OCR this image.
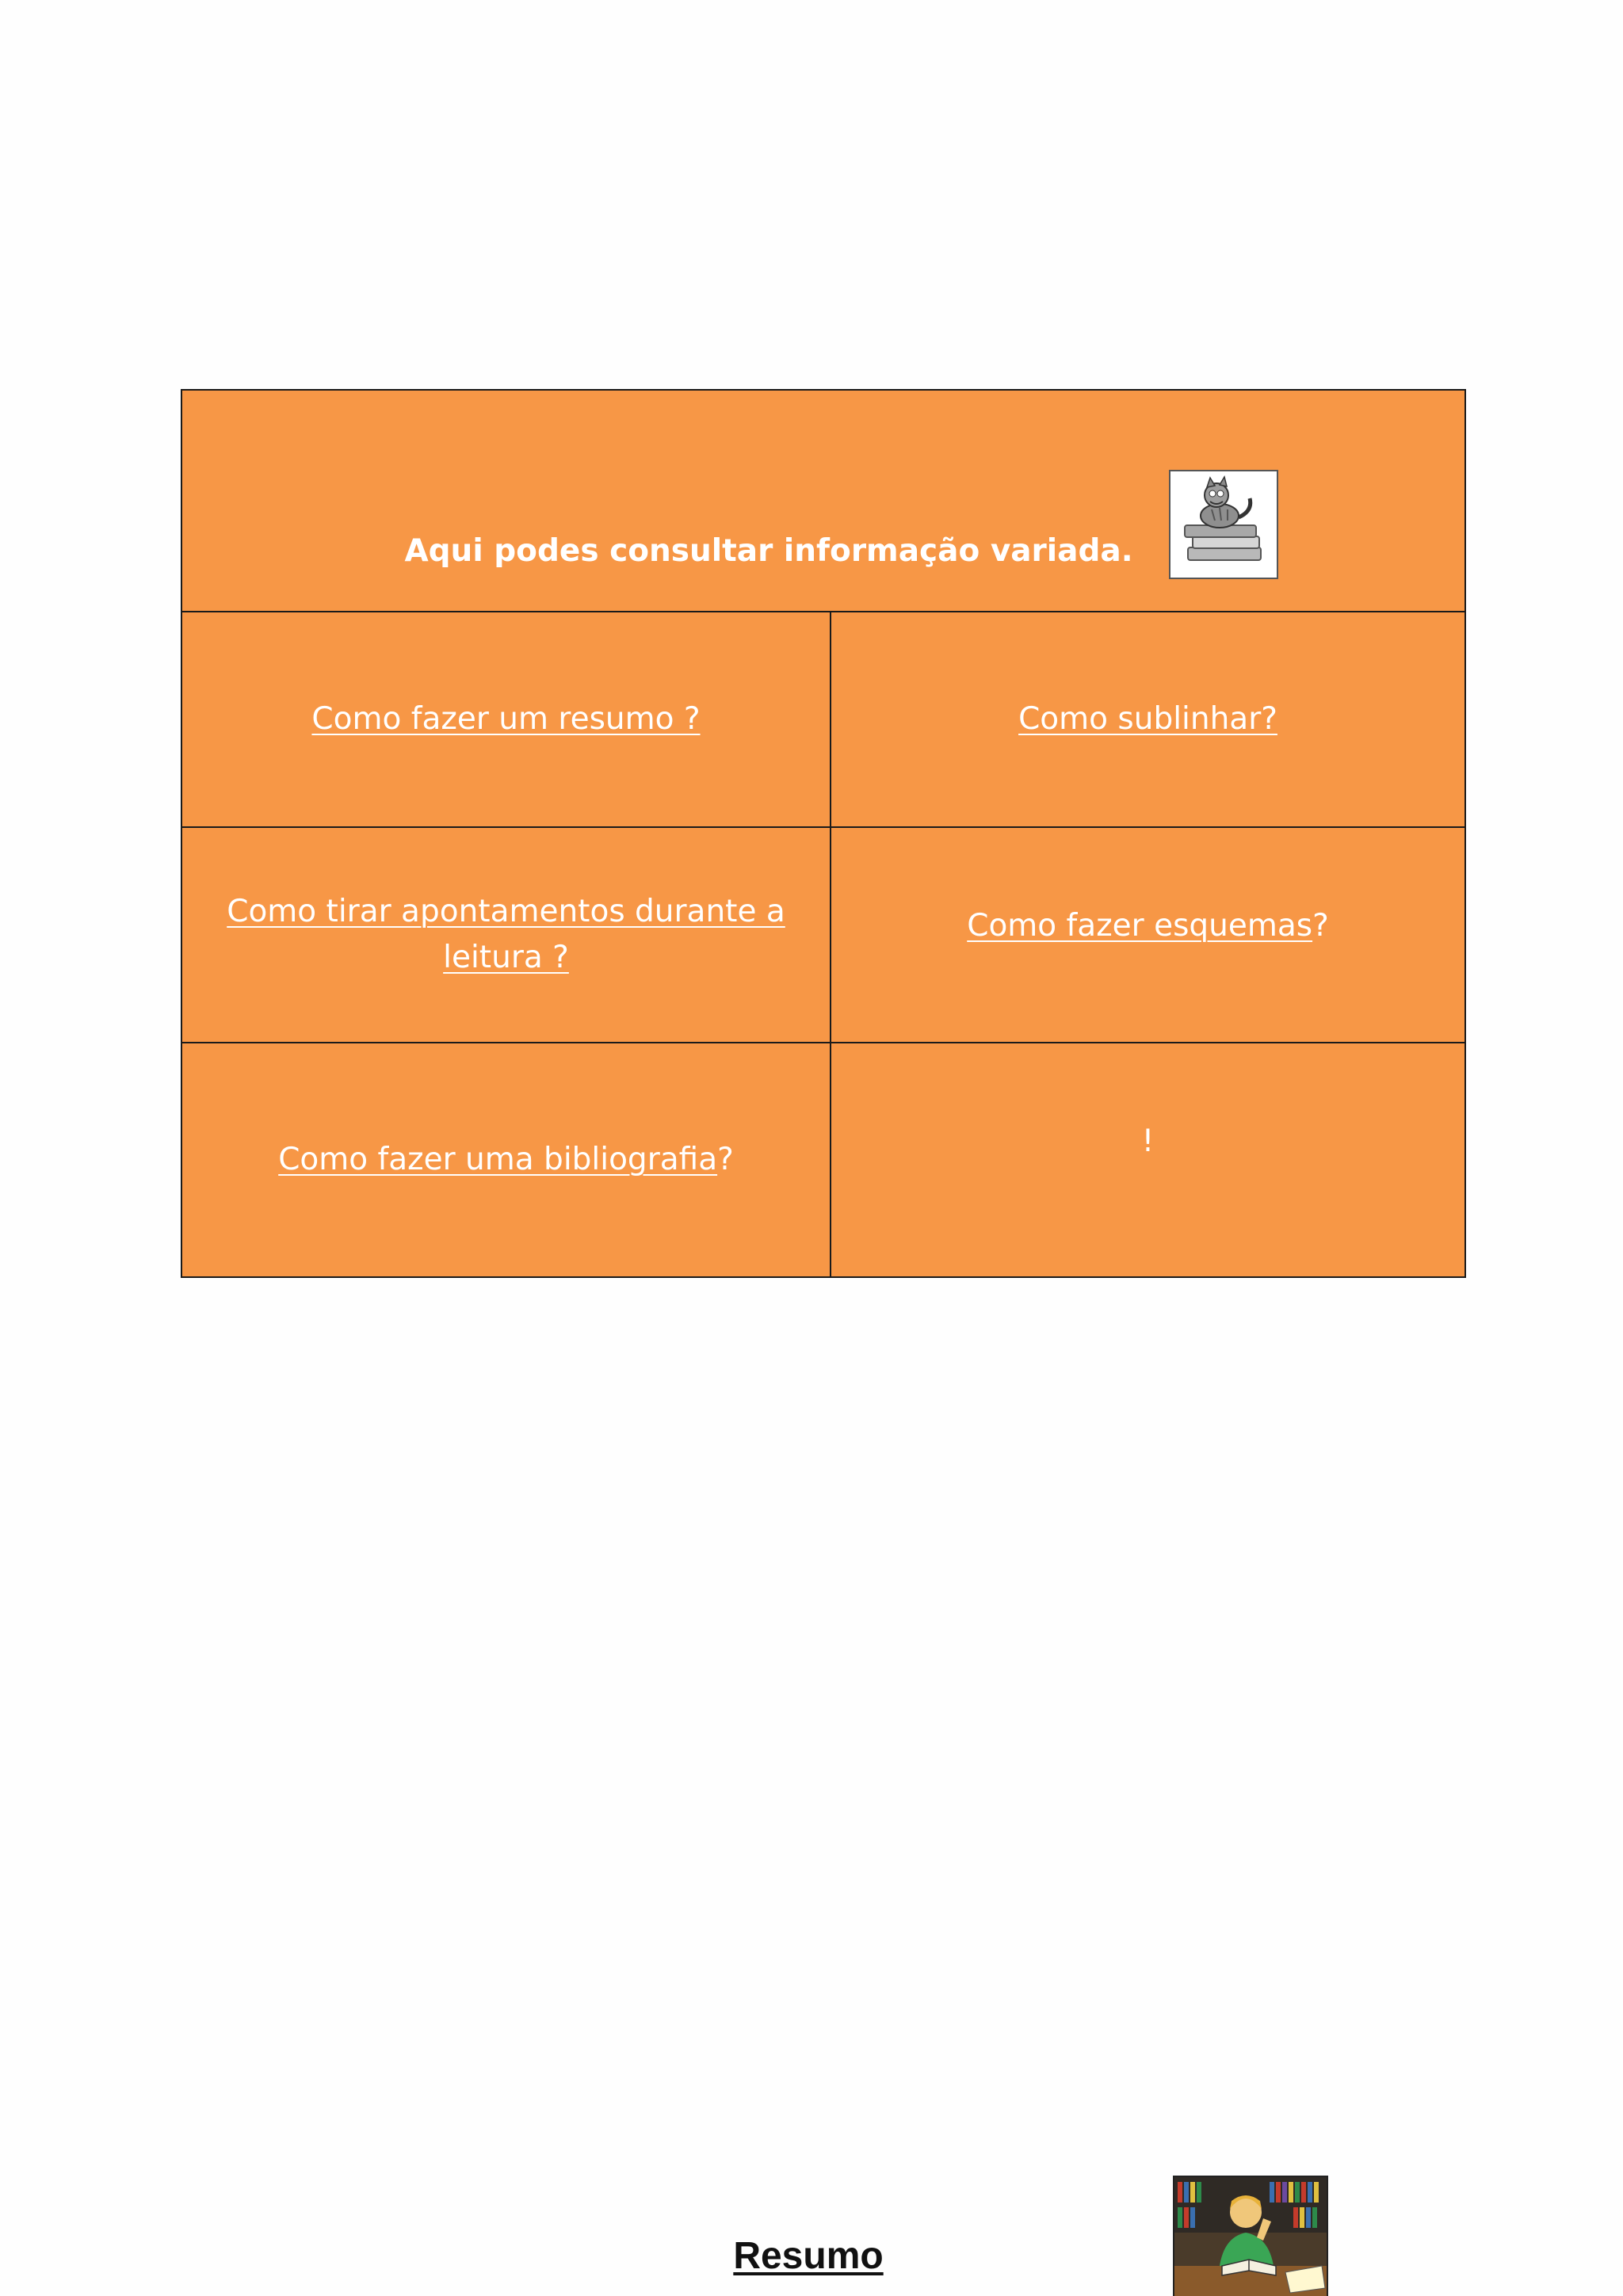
Aqui podes consultar informação variada.	

Como fazer um resumo ?	Como sublinhar?
Como tirar apontamentos durante a
leitura ?	Como fazer esquemas?

Como fazer uma bibliografia?	!
Resumo
